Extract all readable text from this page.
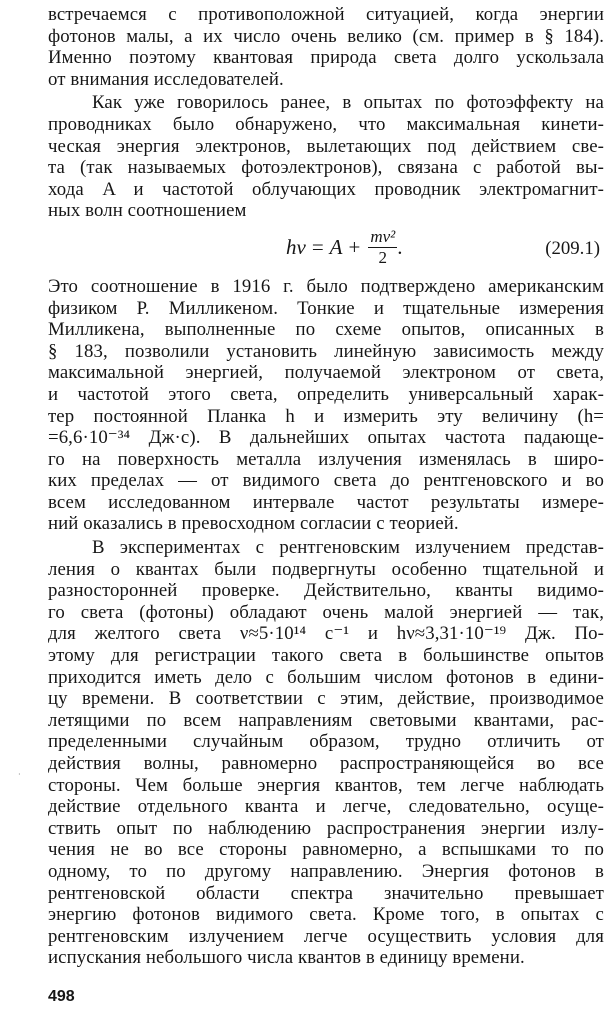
встречаемся с противоположной ситуацией, когда энергии
фотонов малы, а их число очень велико (см. пример в § 184).
Именно поэтому квантовая природа света долго ускользала
от внимания исследователей.
Как уже говорилось ранее, в опытах по фотоэффекту на
проводниках было обнаружено, что максимальная кинети-
ческая энергия электронов, вылетающих под действием све-
та (так называемых фотоэлектронов), связана с работой вы-
хода A и частотой облучающих проводник электромагнит-
ных волн соотношением
$h\nu = A + \frac{\text{mv²}}{2}$ .	(209.1)
Это соотношение в 1916 г. было подтверждено американским
физиком Р. Милликеном. Тонкие и тщательные измерения
Милликена, выполненные по схеме опытов, описанных в
§ 183, позволили установить линейную зависимость между
максимальной энергией, получаемой электроном от света,
и частотой этого света, определить универсальный харак-
тер постоянной Планка h и измерить эту величину (h=
=6,6·10⁻³⁴ Дж·с). В дальнейших опытах частота падающе-
го на поверхность металла излучения изменялась в широ-
ких пределах — от видимого света до рентгеновского и во
всем исследованном интервале частот результаты измере-
ний оказались в превосходном согласии с теорией.
В экспериментах с рентгеновским излучением представ-
ления о квантах были подвергнуты особенно тщательной и
разносторонней проверке. Действительно, кванты видимо-
го света (фотоны) обладают очень малой энергией — так,
для желтого света ν≈5·10¹⁴ с⁻¹ и hν≈3,31·10⁻¹⁹ Дж. По-
этому для регистрации такого света в большинстве опытов
приходится иметь дело с большим числом фотонов в едини-
цу времени. В соответствии с этим, действие, производимое
летящими по всем направлениям световыми квантами, рас-
пределенными случайным образом, трудно отличить от
действия волны, равномерно распространяющейся во все
стороны. Чем больше энергия квантов, тем легче наблюдать
действие отдельного кванта и легче, следовательно, осуще-
ствить опыт по наблюдению распространения энергии излу-
чения не во все стороны равномерно, а вспышками то по
одному, то по другому направлению. Энергия фотонов в
рентгеновской области спектра значительно превышает
энергию фотонов видимого света. Кроме того, в опытах с
рентгеновским излучением легче осуществить условия для
испускания небольшого числа квантов в единицу времени.
·
498
